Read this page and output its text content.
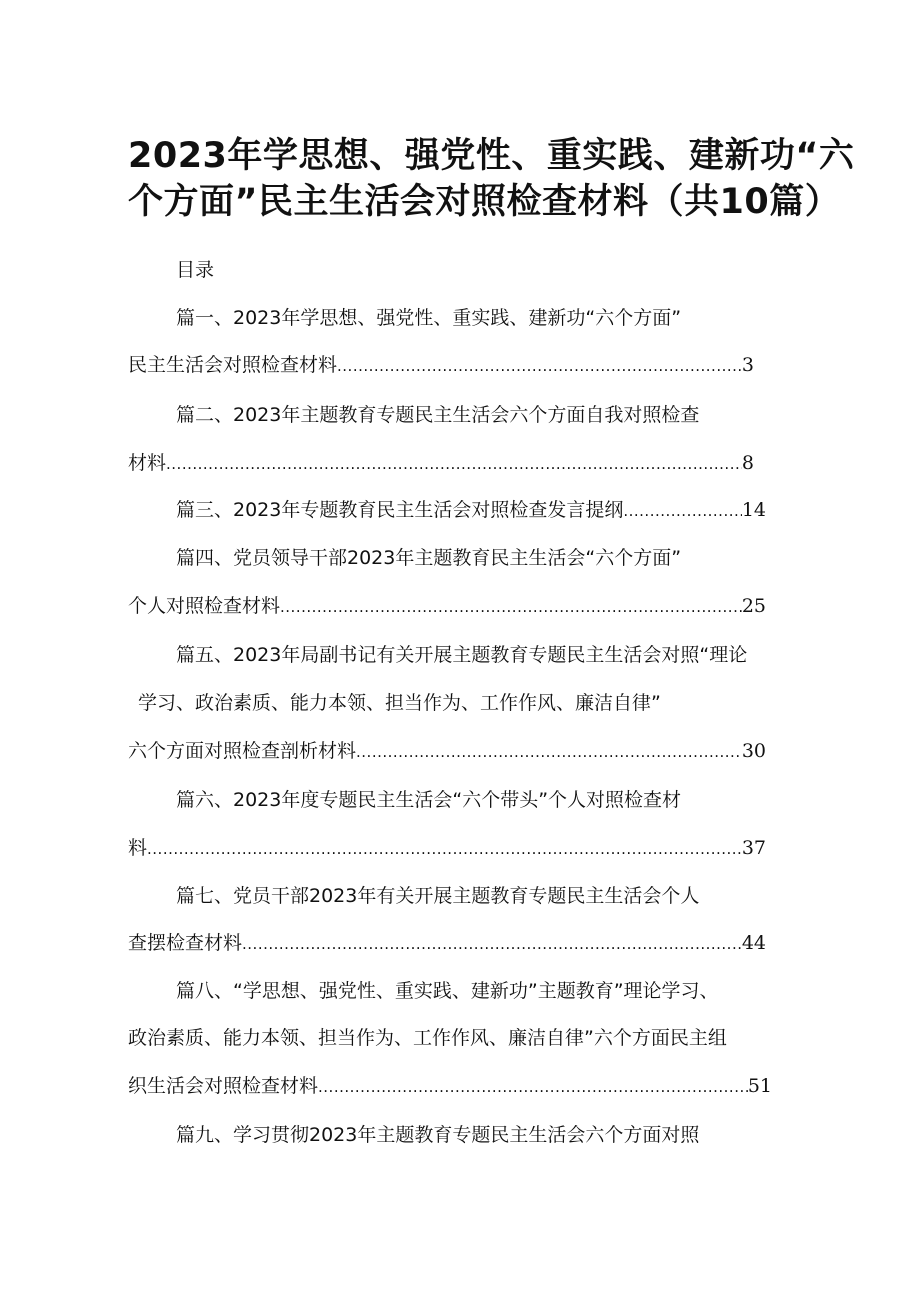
2023年学思想、强党性、重实践、建新功“六
个方面”民主生活会对照检查材料（共10篇）
目录
篇一、2023年学思想、强党性、重实践、建新功“六个方面”
民主生活会对照检查材料 .....	3
篇二、2023年主题教育专题民主生活会六个方面自我对照检查
材料 .....	8
篇三、2023年专题教育民主生活会对照检查发言提纲 .....	14
篇四、党员领导干部2023年主题教育民主生活会“六个方面”
个人对照检查材料 .....	25
篇五、2023年局副书记有关开展主题教育专题民主生活会对照“理论
学习、政治素质、能力本领、担当作为、工作作风、廉洁自律”
六个方面对照检查剖析材料 .....	30
篇六、2023年度专题民主生活会“六个带头”个人对照检查材
料 .....	37
篇七、党员干部2023年有关开展主题教育专题民主生活会个人
查摆检查材料 .....	44
篇八、“学思想、强党性、重实践、建新功”主题教育”理论学习、
政治素质、能力本领、担当作为、工作作风、廉洁自律”六个方面民主组
织生活会对照检查材料 .....	51
篇九、学习贯彻2023年主题教育专题民主生活会六个方面对照
